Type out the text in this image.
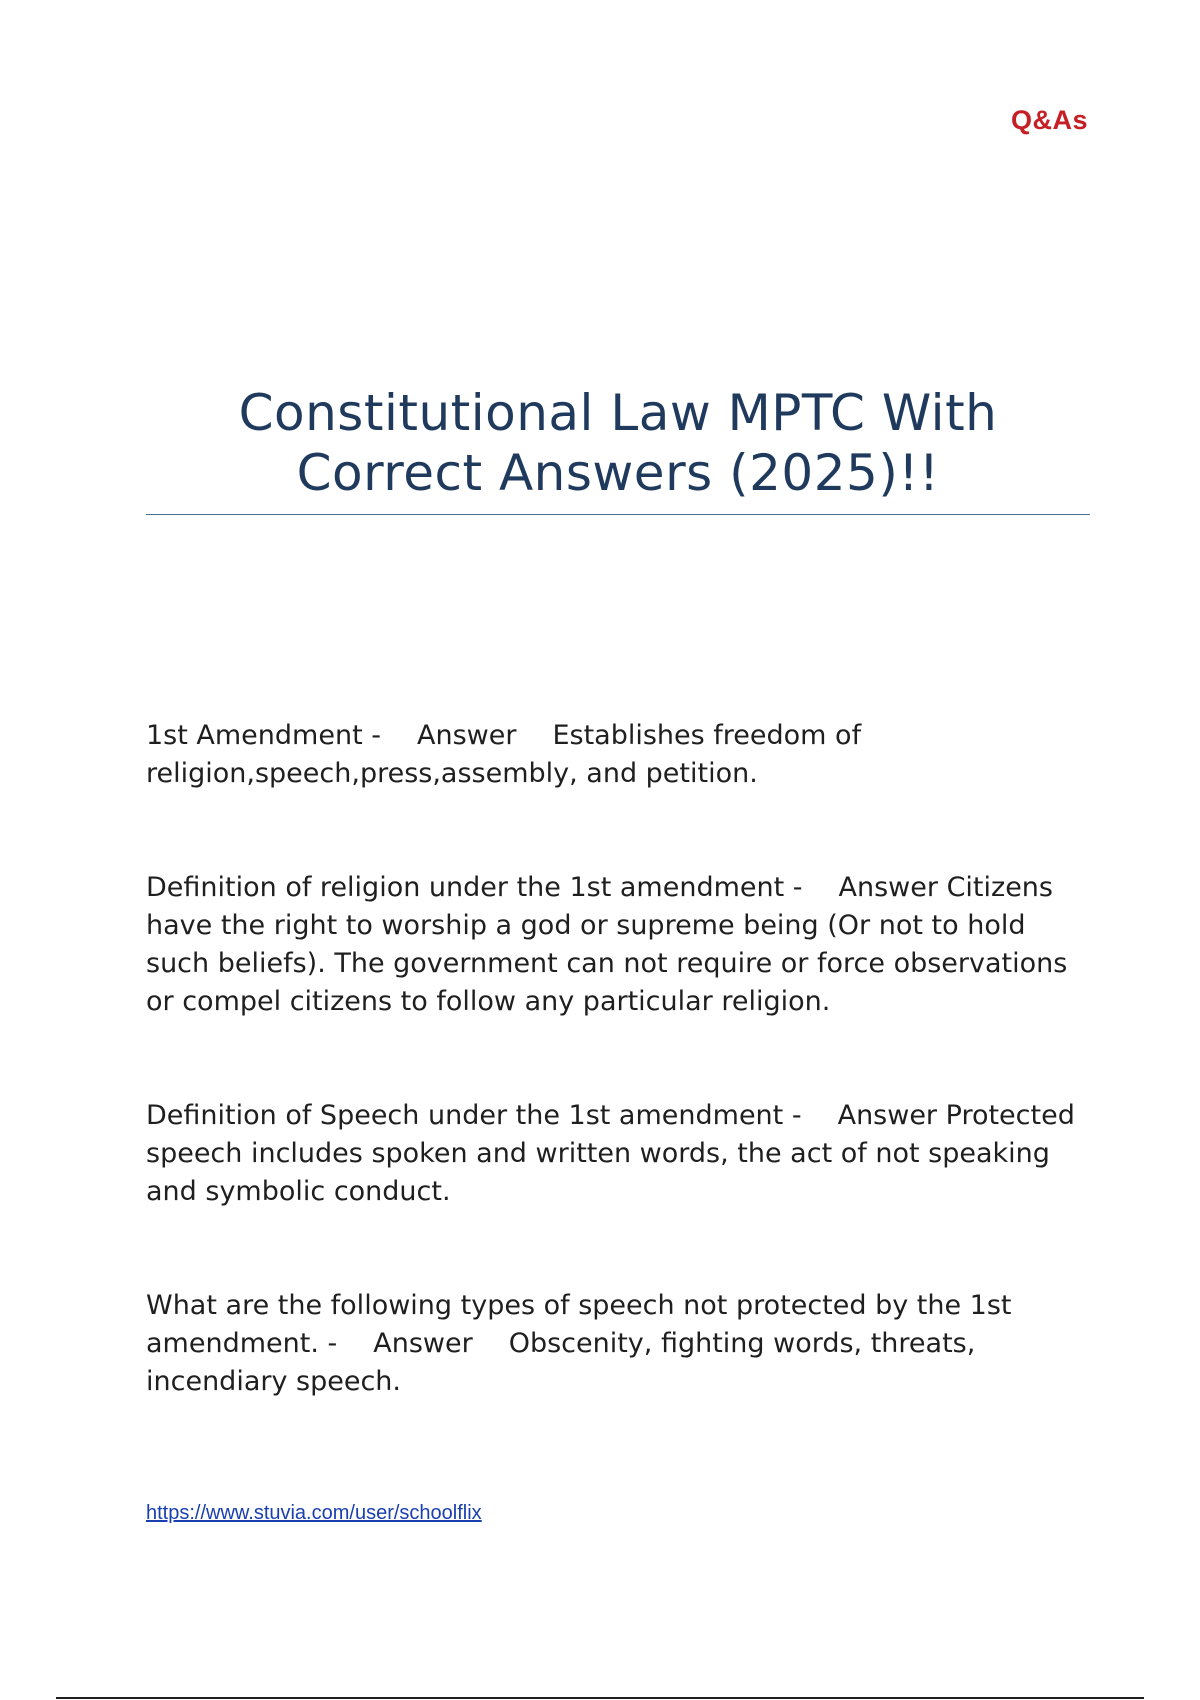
Q&As
Constitutional Law MPTC With Correct Answers (2025)!!
1st Amendment - Answer Establishes freedom of religion,speech,press,assembly, and petition.
Definition of religion under the 1st amendment - Answer Citizens have the right to worship a god or supreme being (Or not to hold such beliefs). The government can not require or force observations or compel citizens to follow any particular religion.
Definition of Speech under the 1st amendment - Answer Protected speech includes spoken and written words, the act of not speaking and symbolic conduct.
What are the following types of speech not protected by the 1st amendment. - Answer Obscenity, fighting words, threats, incendiary speech.
https://www.stuvia.com/user/schoolflix
